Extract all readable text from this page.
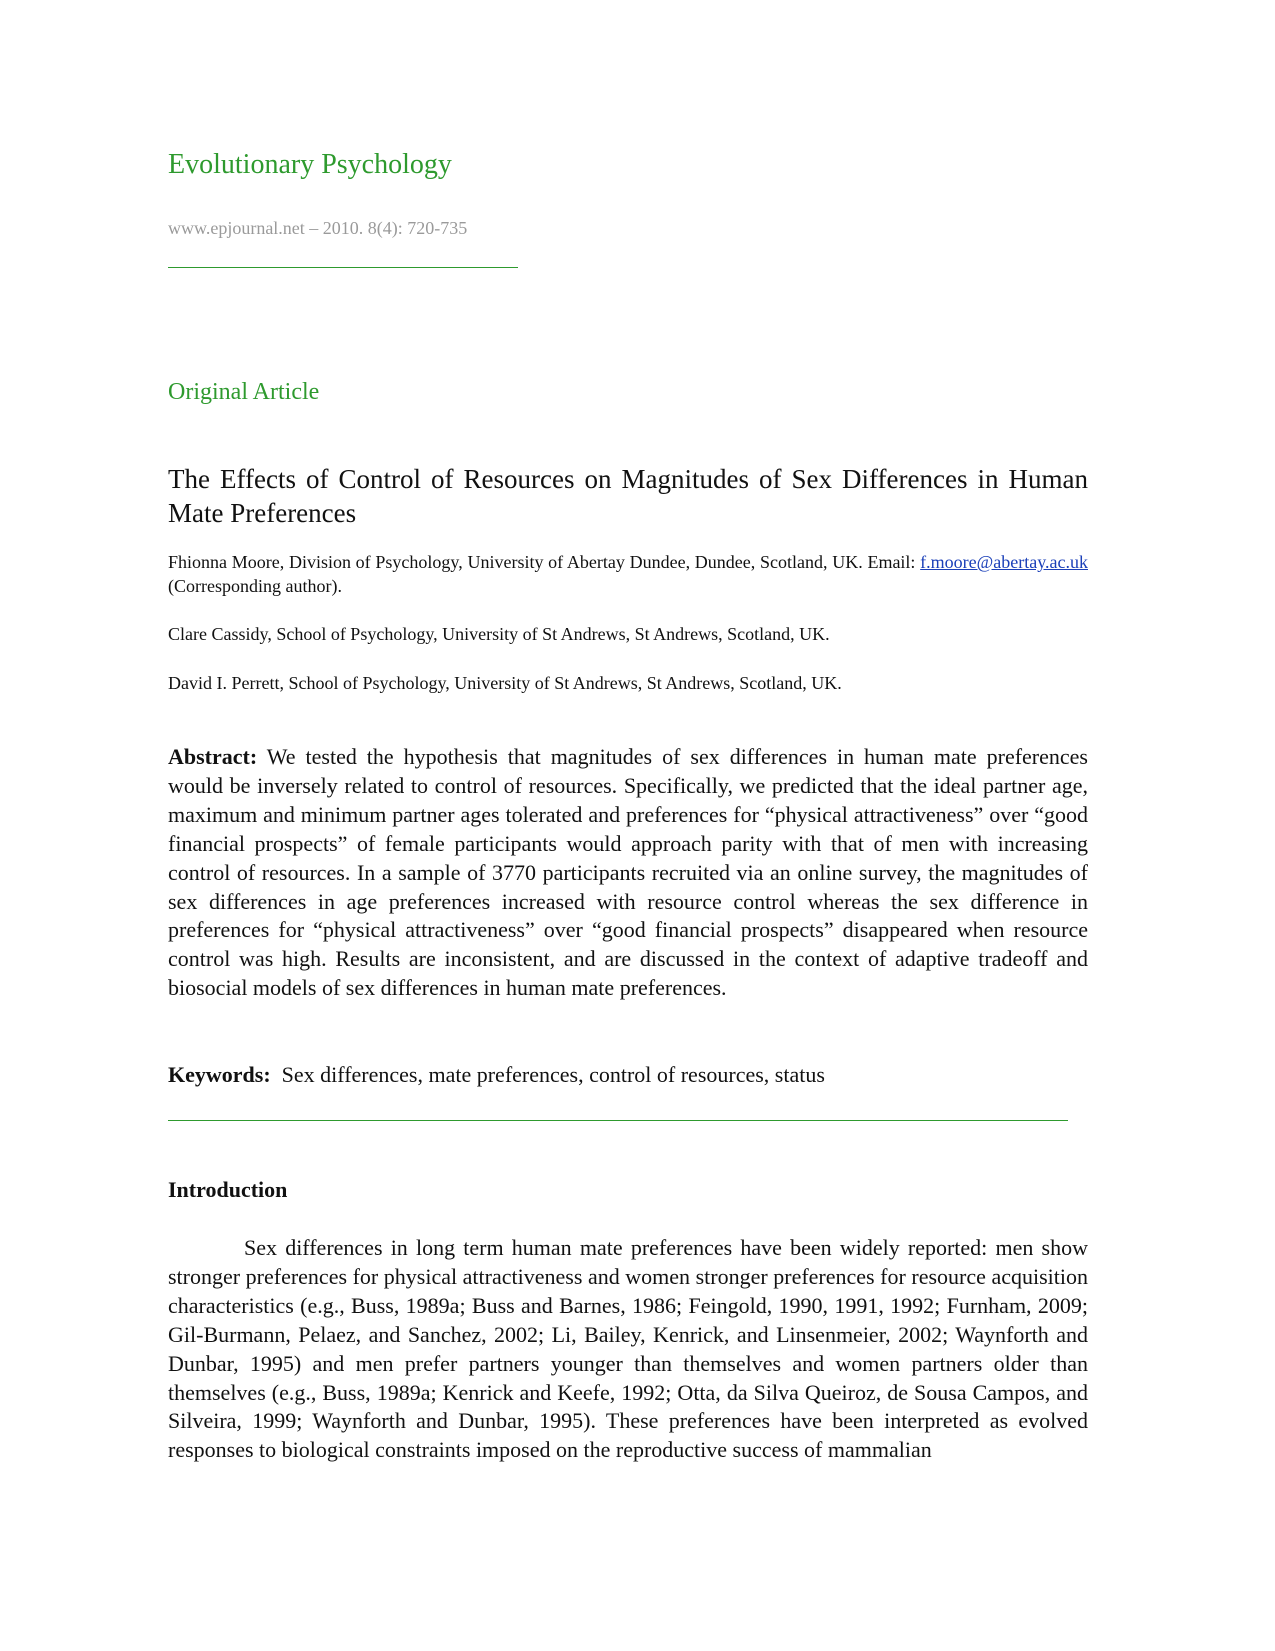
Evolutionary Psychology
www.epjournal.net – 2010. 8(4): 720-735
Original Article
The Effects of Control of Resources on Magnitudes of Sex Differences in Human Mate Preferences

Fhionna Moore, Division of Psychology, University of Abertay Dundee, Dundee, Scotland, UK. Email: f.moore@abertay.ac.uk (Corresponding author).

Clare Cassidy, School of Psychology, University of St Andrews, St Andrews, Scotland, UK.

David I. Perrett, School of Psychology, University of St Andrews, St Andrews, Scotland, UK.

Abstract: We tested the hypothesis that magnitudes of sex differences in human mate preferences would be inversely related to control of resources. Specifically, we predicted that the ideal partner age, maximum and minimum partner ages tolerated and preferences for “physical attractiveness” over “good financial prospects” of female participants would approach parity with that of men with increasing control of resources. In a sample of 3770 participants recruited via an online survey, the magnitudes of sex differences in age preferences increased with resource control whereas the sex difference in preferences for “physical attractiveness” over “good financial prospects” disappeared when resource control was high. Results are inconsistent, and are discussed in the context of adaptive tradeoff and biosocial models of sex differences in human mate preferences.

Keywords:  Sex differences, mate preferences, control of resources, status

Introduction

Sex differences in long term human mate preferences have been widely reported: men show stronger preferences for physical attractiveness and women stronger preferences for resource acquisition characteristics (e.g., Buss, 1989a; Buss and Barnes, 1986; Feingold, 1990, 1991, 1992; Furnham, 2009; Gil-Burmann, Pelaez, and Sanchez, 2002; Li, Bailey, Kenrick, and Linsenmeier, 2002; Waynforth and Dunbar, 1995) and men prefer partners younger than themselves and women partners older than themselves (e.g., Buss, 1989a; Kenrick and Keefe, 1992; Otta, da Silva Queiroz, de Sousa Campos, and Silveira, 1999; Waynforth and Dunbar, 1995). These preferences have been interpreted as evolved responses to biological constraints imposed on the reproductive success of mammalian
